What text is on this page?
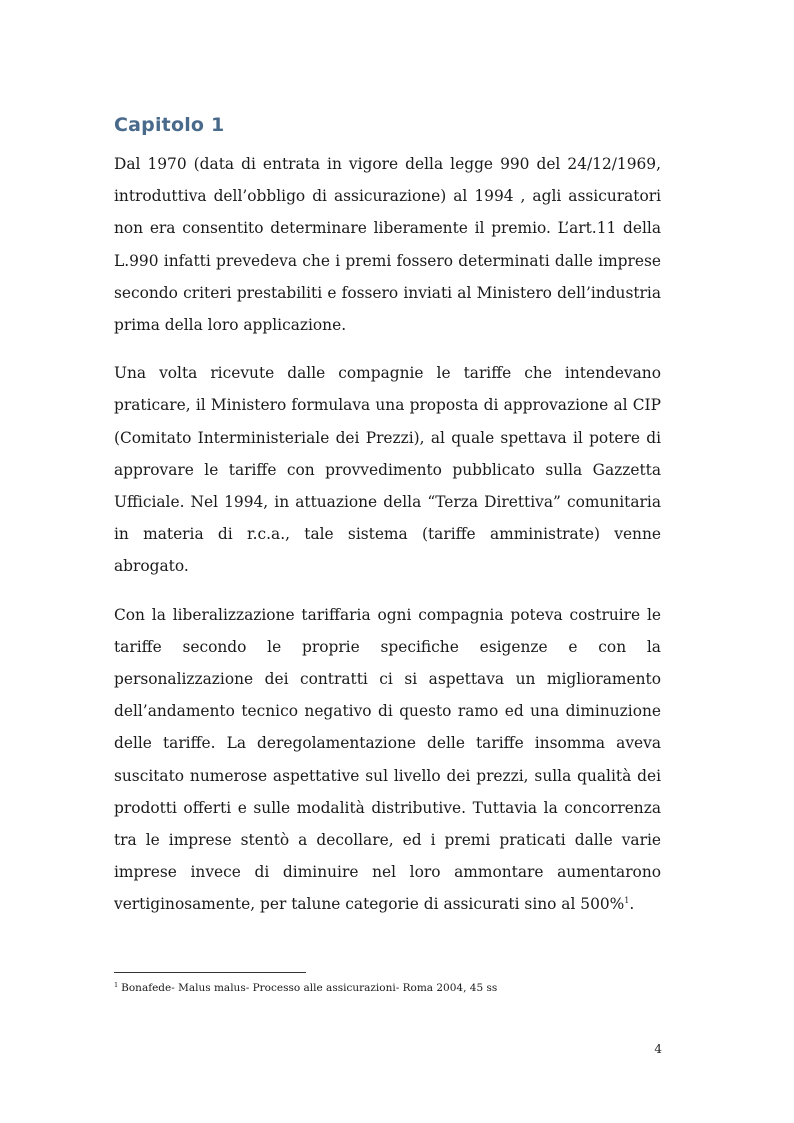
Capitolo 1

Dal 1970 (data di entrata in vigore della legge 990 del 24/12/1969, introduttiva dell’obbligo di assicurazione) al 1994 , agli assicuratori non era consentito determinare liberamente il premio. L’art.11 della L.990 infatti prevedeva che i premi fossero determinati dalle imprese secondo criteri prestabiliti e fossero inviati al Ministero dell’industria prima della loro applicazione.

Una volta ricevute dalle compagnie le tariffe che intendevano praticare, il Ministero formulava una proposta di approvazione al CIP (Comitato Interministeriale dei Prezzi), al quale spettava il potere di approvare le tariffe con provvedimento pubblicato sulla Gazzetta Ufficiale. Nel 1994, in attuazione della “Terza Direttiva” comunitaria in materia di r.c.a., tale sistema (tariffe amministrate) venne abrogato.

Con la liberalizzazione tariffaria ogni compagnia poteva costruire le tariffe secondo le proprie specifiche esigenze e con la personalizzazione dei contratti ci si aspettava un miglioramento dell’andamento tecnico negativo di questo ramo ed una diminuzione delle tariffe. La deregolamentazione delle tariffe insomma aveva suscitato numerose aspettative sul livello dei prezzi, sulla qualità dei prodotti offerti e sulle modalità distributive. Tuttavia la concorrenza tra le imprese stentò a decollare, ed i premi praticati dalle varie imprese invece di diminuire nel loro ammontare aumentarono vertiginosamente, per talune categorie di assicurati sino al 500%$^1$.

$^1$ Bonafede- Malus malus- Processo alle assicurazioni- Roma 2004, 45 ss
4
